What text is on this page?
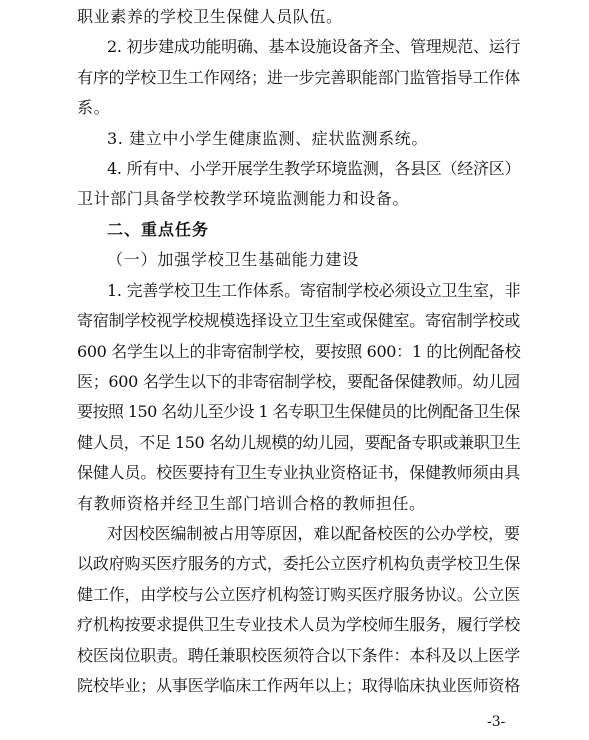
职业素养的学校卫生保健人员队伍。
2. 初步建成功能明确、基本设施设备齐全、管理规范、运行
有序的学校卫生工作网络；进一步完善职能部门监管指导工作体
系。
3. 建立中小学生健康监测、症状监测系统。
4. 所有中、小学开展学生教学环境监测，各县区（经济区）
卫计部门具备学校教学环境监测能力和设备。
二、重点任务
（一）加强学校卫生基础能力建设
1. 完善学校卫生工作体系。寄宿制学校必须设立卫生室，非
寄宿制学校视学校规模选择设立卫生室或保健室。寄宿制学校或
600 名学生以上的非寄宿制学校，要按照 600：1 的比例配备校
医；600 名学生以下的非寄宿制学校，要配备保健教师。幼儿园
要按照 150 名幼儿至少设 1 名专职卫生保健员的比例配备卫生保
健人员，不足 150 名幼儿规模的幼儿园，要配备专职或兼职卫生
保健人员。校医要持有卫生专业执业资格证书，保健教师须由具
有教师资格并经卫生部门培训合格的教师担任。
对因校医编制被占用等原因，难以配备校医的公办学校，要
以政府购买医疗服务的方式，委托公立医疗机构负责学校卫生保
健工作，由学校与公立医疗机构签订购买医疗服务协议。公立医
-3-
疗机构按要求提供卫生专业技术人员为学校师生服务，履行学校
校医岗位职责。聘任兼职校医须符合以下条件：本科及以上医学
院校毕业；从事医学临床工作两年以上；取得临床执业医师资格
